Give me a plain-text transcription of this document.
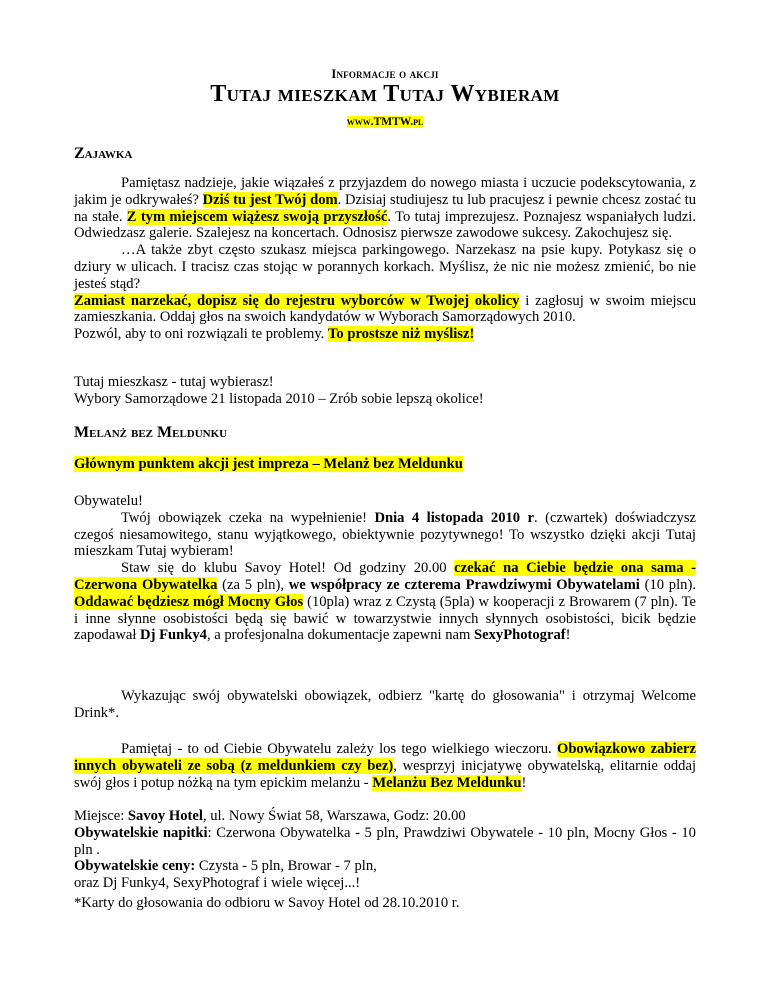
Informacje o akcji
Tutaj mieszkam Tutaj Wybieram
www.TMTW.pl
Zajawka

Pamiętasz nadzieje, jakie wiązałeś z przyjazdem do nowego miasta i uczucie podekscytowania, z jakim je odkrywałeś? Dziś tu jest Twój dom. Dzisiaj studiujesz tu lub pracujesz i pewnie chcesz zostać tu na stałe. Z tym miejscem wiążesz swoją przyszłość. To tutaj imprezujesz. Poznajesz wspaniałych ludzi. Odwiedzasz galerie. Szalejesz na koncertach. Odnosisz pierwsze zawodowe sukcesy. Zakochujesz się.

…A także zbyt często szukasz miejsca parkingowego. Narzekasz na psie kupy. Potykasz się o dziury w ulicach. I tracisz czas stojąc w porannych korkach. Myślisz, że nic nie możesz zmienić, bo nie jesteś stąd?

Zamiast narzekać, dopisz się do rejestru wyborców w Twojej okolicy i zagłosuj w swoim miejscu zamieszkania. Oddaj głos na swoich kandydatów w Wyborach Samorządowych 2010.
Pozwól, aby to oni rozwiązali te problemy. To prostsze niż myślisz!

Tutaj mieszkasz - tutaj wybierasz!

Wybory Samorządowe 21 listopada 2010 – Zrób sobie lepszą okolice!

Melanż bez Meldunku

Głównym punktem akcji jest impreza – Melanż bez Meldunku

Obywatelu!

Twój obowiązek czeka na wypełnienie! Dnia 4 listopada 2010 r. (czwartek) doświadczysz czegoś niesamowitego, stanu wyjątkowego, obiektywnie pozytywnego! To wszystko dzięki akcji Tutaj mieszkam Tutaj wybieram!

Staw się do klubu Savoy Hotel! Od godziny 20.00 czekać na Ciebie będzie ona sama - Czerwona Obywatelka (za 5 pln), we współpracy ze czterema Prawdziwymi Obywatelami (10 pln). Oddawać będziesz mógł Mocny Głos (10pla) wraz z Czystą (5pla) w kooperacji z Browarem (7 pln). Te i inne słynne osobistości będą się bawić w towarzystwie innych słynnych osobistości, bicik będzie zapodawał Dj Funky4, a profesjonalna dokumentacje zapewni nam SexyPhotograf!

Wykazując swój obywatelski obowiązek, odbierz "kartę do głosowania" i otrzymaj Welcome Drink*.

Pamiętaj - to od Ciebie Obywatelu zależy los tego wielkiego wieczoru. Obowiązkowo zabierz innych obywateli ze sobą (z meldunkiem czy bez), wesprzyj inicjatywę obywatelską, elitarnie oddaj swój głos i potup nóżką na tym epickim melanżu - Melanżu Bez Meldunku!

Miejsce: Savoy Hotel, ul. Nowy Świat 58, Warszawa, Godz: 20.00

Obywatelskie napitki: Czerwona Obywatelka - 5 pln, Prawdziwi Obywatele - 10 pln, Mocny Głos - 10 pln .

Obywatelskie ceny: Czysta - 5 pln, Browar - 7 pln,

oraz Dj Funky4, SexyPhotograf i wiele więcej...!

*Karty do głosowania do odbioru w Savoy Hotel od 28.10.2010 r.
